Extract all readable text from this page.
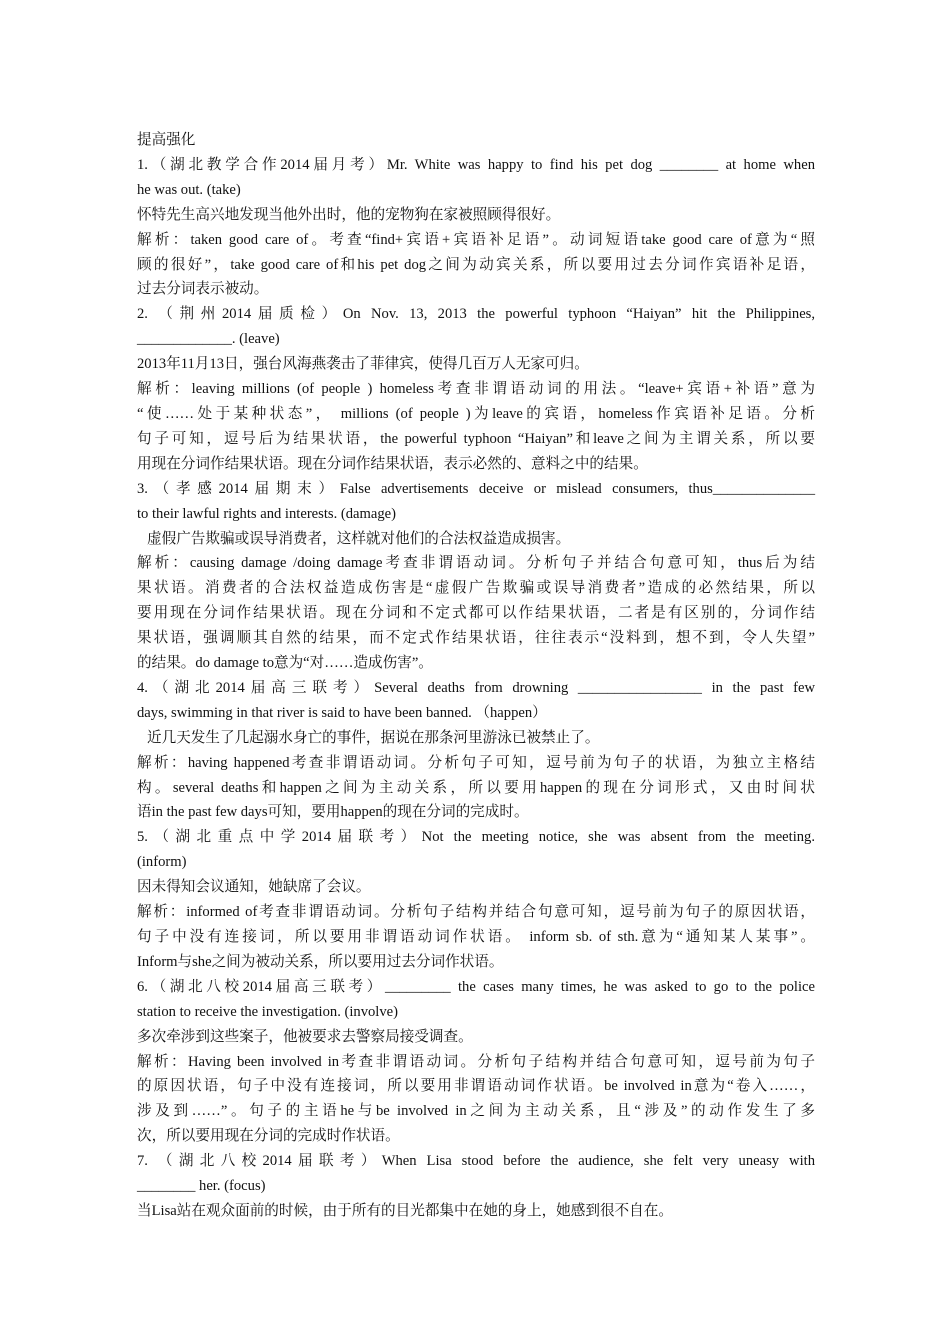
提高强化
1.（湖北教学合作2014届月考）Mr. White was happy to find his pet dog ________ at home when
he was out. (take)
怀特先生高兴地发现当他外出时，他的宠物狗在家被照顾得很好。
解析：taken good care of。考查“find+宾语+宾语补足语”。动词短语take good care of意为“照
顾的很好”，take good care of和his pet dog之间为动宾关系，所以要用过去分词作宾语补足语，
过去分词表示被动。
2. （荆州2014届质检）On Nov. 13, 2013 the powerful typhoon “Haiyan” hit the Philippines,
_____________. (leave)
2013年11月13日，强台风海燕袭击了菲律宾，使得几百万人无家可归。
解析：leaving millions (of people ) homeless考查非谓语动词的用法。“leave+宾语+补语”意为
“使……处于某种状态”， millions (of people )为leave的宾语，homeless作宾语补足语。分析
句子可知，逗号后为结果状语，the powerful typhoon “Haiyan”和leave之间为主谓关系，所以要
用现在分词作结果状语。现在分词作结果状语，表示必然的、意料之中的结果。
3.（孝感2014届期末）False advertisements deceive or mislead consumers, thus______________
to their lawful rights and interests. (damage)
虚假广告欺骗或误导消费者，这样就对他们的合法权益造成损害。
解析：causing damage /doing damage考查非谓语动词。分析句子并结合句意可知，thus后为结
果状语。消费者的合法权益造成伤害是“虚假广告欺骗或误导消费者”造成的必然结果，所以
要用现在分词作结果状语。现在分词和不定式都可以作结果状语，二者是有区别的，分词作结
果状语，强调顺其自然的结果，而不定式作结果状语，往往表示“没料到，想不到，令人失望”
的结果。do damage to意为“对……造成伤害”。
4.（湖北2014届高三联考）Several deaths from drowning _________________ in the past few
days, swimming in that river is said to have been banned. （happen）
近几天发生了几起溺水身亡的事件，据说在那条河里游泳已被禁止了。
解析：having happened考查非谓语动词。分析句子可知，逗号前为句子的状语，为独立主格结
构。several deaths和happen之间为主动关系，所以要用happen的现在分词形式，又由时间状
语in the past few days可知，要用happen的现在分词的完成时。
5.（湖北重点中学2014届联考）Not the meeting notice, she was absent from the meeting.
(inform)
因未得知会议通知，她缺席了会议。
解析：informed of考查非谓语动词。分析句子结构并结合句意可知，逗号前为句子的原因状语，
句子中没有连接词，所以要用非谓语动词作状语。 inform sb. of sth.意为“通知某人某事”。
Inform与she之间为被动关系，所以要用过去分词作状语。
6.（湖北八校2014届高三联考）_________ the cases many times, he was asked to go to the police
station to receive the investigation. (involve)
多次牵涉到这些案子，他被要求去警察局接受调查。
解析：Having been involved in考查非谓语动词。分析句子结构并结合句意可知，逗号前为句子
的原因状语，句子中没有连接词，所以要用非谓语动词作状语。be involved in意为“卷入……，
涉及到……”。句子的主语he与be involved in之间为主动关系，且“涉及”的动作发生了多
次，所以要用现在分词的完成时作状语。
7. （湖北八校2014届联考）When Lisa stood before the audience, she felt very uneasy with
________ her. (focus)
当Lisa站在观众面前的时候，由于所有的目光都集中在她的身上，她感到很不自在。
